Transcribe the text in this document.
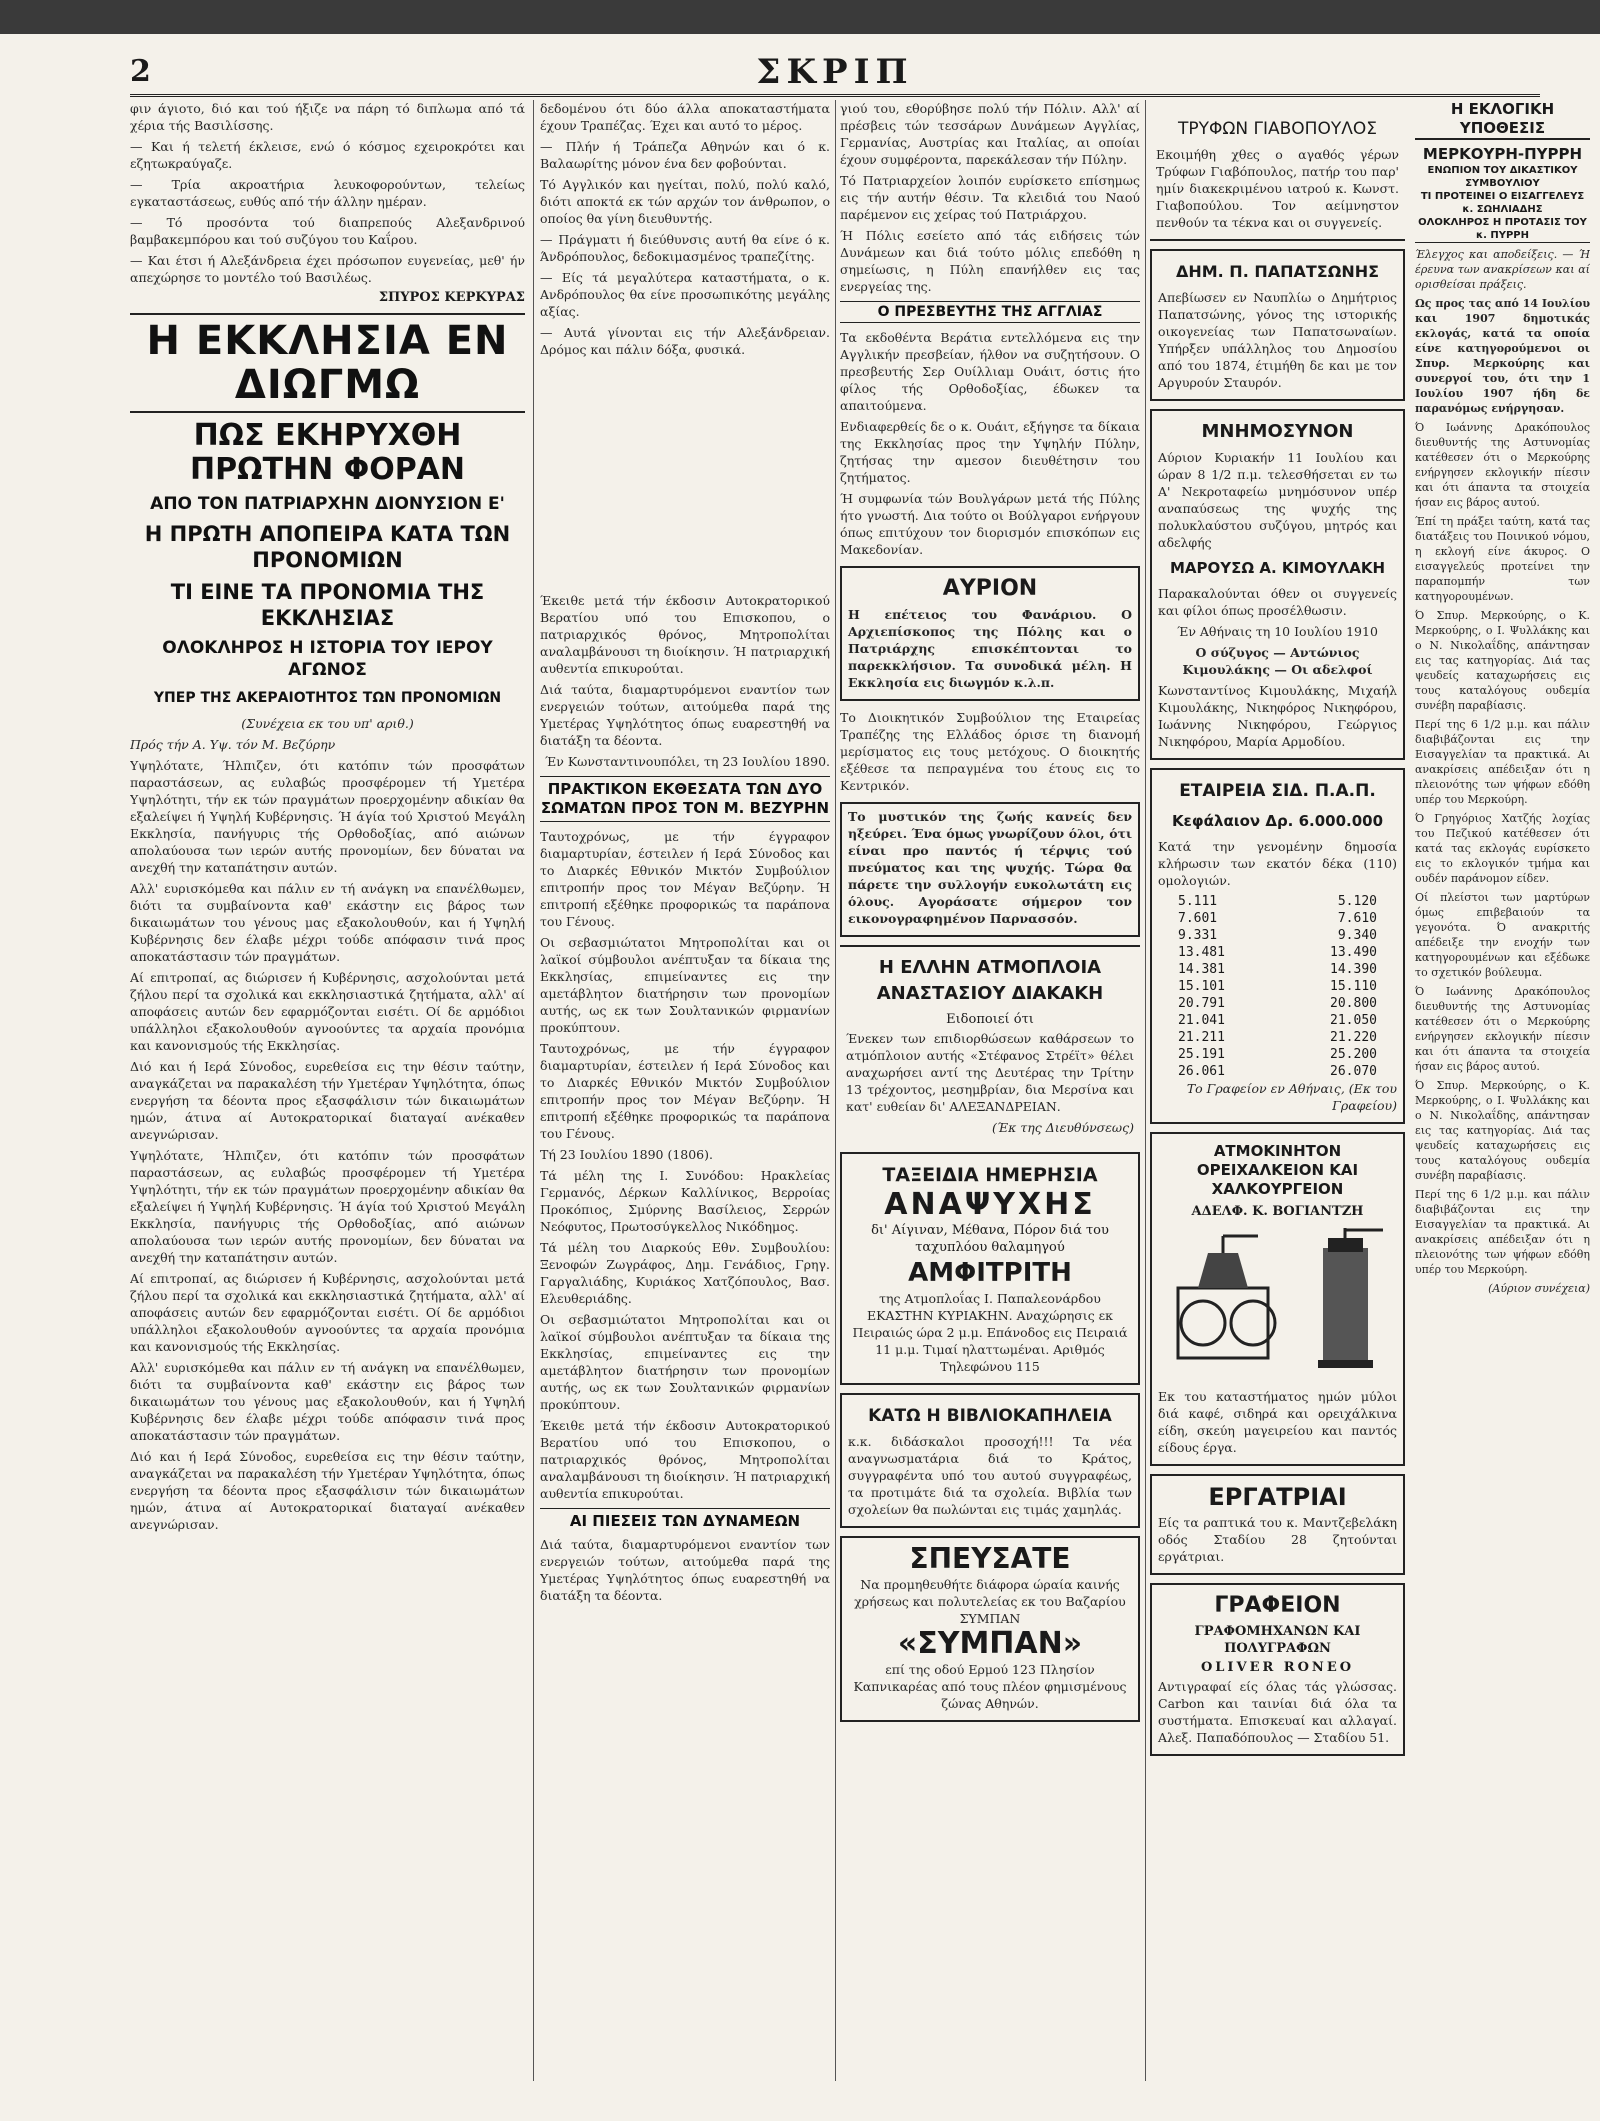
2	ΣΚΡΙΠ

φιν άγιοτο, διό και τού ήξιζε να πάρη τό διπλωμα από τά χέρια τής Βασιλίσσης.

— Και ή τελετή έκλεισε, ενώ ό κόσμος εχειροκρότει και εζητωκραύγαζε.

— Τρία ακροατήρια λευκοφορούντων, τελείως εγκαταστάσεως, ευθύς από τήν άλλην ημέραν.

— Τό προσόντα τού διαπρεπούς Αλεξανδρινού βαμβακεμπόρου και τού συζύγου του Καΐρου.

— Και έτσι ή Αλεξάνδρεια έχει πρόσωπον ευγενείας, μεθ' ήν απεχώρησε το μοντέλο τού Βασιλέως.

ΣΠΥΡΟΣ ΚΕΡΚΥΡΑΣ
Η ΕΚΚΛΗΣΙΑ ΕΝ ΔΙΩΓΜΩ
ΠΩΣ ΕΚΗΡΥΧΘΗ ΠΡΩΤΗΝ ΦΟΡΑΝ
ΑΠΟ ΤΟΝ ΠΑΤΡΙΑΡΧΗΝ ΔΙΟΝΥΣΙΟΝ Ε'
Η ΠΡΩΤΗ ΑΠΟΠΕΙΡΑ ΚΑΤΑ ΤΩΝ ΠΡΟΝΟΜΙΩΝ
ΤΙ ΕΙΝΕ ΤΑ ΠΡΟΝΟΜΙΑ ΤΗΣ ΕΚΚΛΗΣΙΑΣ
ΟΛΟΚΛΗΡΟΣ Η ΙΣΤΟΡΙΑ ΤΟΥ ΙΕΡΟΥ ΑΓΩΝΟΣ
ΥΠΕΡ ΤΗΣ ΑΚΕΡΑΙΟΤΗΤΟΣ ΤΩΝ ΠΡΟΝΟΜΙΩΝ

(Συνέχεια εκ του υπ' αριθ.)

Πρός τήν Α. Υψ. τόν Μ. Βεζύρην

Υψηλότατε, Ήλπιζεν, ότι κατόπιν τών προσφάτων παραστάσεων, ας ευλαβώς προσφέρομεν τή Υμετέρα Υψηλότητι, τήν εκ τών πραγμάτων προερχομένην αδικίαν θα εξαλείψει ή Υψηλή Κυβέρνησις. Ή άγία τού Χριστού Μεγάλη Εκκλησία, πανήγυρις τής Ορθοδοξίας, από αιώνων απολαύουσα των ιερών αυτής προνομίων, δεν δύναται να ανεχθή την καταπάτησιν αυτών.

Αλλ' ευρισκόμεθα και πάλιν εν τή ανάγκη να επανέλθωμεν, διότι τα συμβαίνοντα καθ' εκάστην εις βάρος των δικαιωμάτων του γένους μας εξακολουθούν, και ή Υψηλή Κυβέρνησις δεν έλαβε μέχρι τούδε απόφασιν τινά προς αποκατάστασιν τών πραγμάτων.

Αί επιτροπαί, ας διώρισεν ή Κυβέρνησις, ασχολούνται μετά ζήλου περί τα σχολικά και εκκλησιαστικά ζητήματα, αλλ' αί αποφάσεις αυτών δεν εφαρμόζονται εισέτι. Οί δε αρμόδιοι υπάλληλοι εξακολουθούν αγνοούντες τα αρχαία προνόμια και κανονισμούς τής Εκκλησίας.

Διό και ή Ιερά Σύνοδος, ευρεθείσα εις την θέσιν ταύτην, αναγκάζεται να παρακαλέση τήν Υμετέραν Υψηλότητα, όπως ενεργήση τα δέοντα προς εξασφάλισιν τών δικαιωμάτων ημών, άτινα αί Αυτοκρατορικαί διαταγαί ανέκαθεν ανεγνώρισαν.

Υψηλότατε, Ήλπιζεν, ότι κατόπιν τών προσφάτων παραστάσεων, ας ευλαβώς προσφέρομεν τή Υμετέρα Υψηλότητι, τήν εκ τών πραγμάτων προερχομένην αδικίαν θα εξαλείψει ή Υψηλή Κυβέρνησις. Ή άγία τού Χριστού Μεγάλη Εκκλησία, πανήγυρις τής Ορθοδοξίας, από αιώνων απολαύουσα των ιερών αυτής προνομίων, δεν δύναται να ανεχθή την καταπάτησιν αυτών.

Αί επιτροπαί, ας διώρισεν ή Κυβέρνησις, ασχολούνται μετά ζήλου περί τα σχολικά και εκκλησιαστικά ζητήματα, αλλ' αί αποφάσεις αυτών δεν εφαρμόζονται εισέτι. Οί δε αρμόδιοι υπάλληλοι εξακολουθούν αγνοούντες τα αρχαία προνόμια και κανονισμούς τής Εκκλησίας.

Αλλ' ευρισκόμεθα και πάλιν εν τή ανάγκη να επανέλθωμεν, διότι τα συμβαίνοντα καθ' εκάστην εις βάρος των δικαιωμάτων του γένους μας εξακολουθούν, και ή Υψηλή Κυβέρνησις δεν έλαβε μέχρι τούδε απόφασιν τινά προς αποκατάστασιν τών πραγμάτων.

Διό και ή Ιερά Σύνοδος, ευρεθείσα εις την θέσιν ταύτην, αναγκάζεται να παρακαλέση τήν Υμετέραν Υψηλότητα, όπως ενεργήση τα δέοντα προς εξασφάλισιν τών δικαιωμάτων ημών, άτινα αί Αυτοκρατορικαί διαταγαί ανέκαθεν ανεγνώρισαν.

δεδομένου ότι δύο άλλα αποκαταστήματα έχουν Τραπέζας. Έχει και αυτό το μέρος.

— Πλήν ή Τράπεζα Αθηνών και ό κ. Βαλαωρίτης μόνον ένα δεν φοβούνται.

Τό Αγγλικόν και ηγείται, πολύ, πολύ καλό, διότι αποκτά εκ τών αρχών τον άνθρωπον, ο οποίος θα γίνη διευθυντής.

— Πράγματι ή διεύθυνσις αυτή θα είνε ό κ. Άνδρόπουλος, δεδοκιμασμένος τραπεζίτης.

— Είς τά μεγαλύτερα καταστήματα, ο κ. Ανδρόπουλος θα είνε προσωπικότης μεγάλης αξίας.

— Αυτά γίνονται εις τήν Αλεξάνδρειαν. Δρόμος και πάλιν δόξα, φυσικά.

Έκειθε μετά τήν έκδοσιν Αυτοκρατορικού Βερατίου υπό του Επισκοπου, ο πατριαρχικός θρόνος, Μητροπολίται αναλαμβάνουσι τη διοίκησιν. Ή πατριαρχική αυθεντία επικυρούται.

Διά ταύτα, διαμαρτυρόμενοι εναντίον των ενεργειών τούτων, αιτούμεθα παρά της Υμετέρας Υψηλότητος όπως ευαρεστηθή να διατάξη τα δέοντα.

Έν Κωνσταντινουπόλει, τη 23 Ιουλίου 1890.

ΠΡΑΚΤΙΚΟΝ ΕΚΘΕΣΑΤΑ ΤΩΝ ΔΥΟ ΣΩΜΑΤΩΝ ΠΡΟΣ ΤΟΝ Μ. ΒΕΖΥΡΗΝ

Ταυτοχρόνως, με τήν έγγραφον διαμαρτυρίαν, έστειλεν ή Ιερά Σύνοδος και το Διαρκές Εθνικόν Μικτόν Συμβούλιον επιτροπήν προς τον Μέγαν Βεζύρην. Ή επιτροπή εξέθηκε προφορικώς τα παράπονα του Γένους.

Οι σεβασμιώτατοι Μητροπολίται και οι λαϊκοί σύμβουλοι ανέπτυξαν τα δίκαια της Εκκλησίας, επιμείναντες εις την αμετάβλητον διατήρησιν των προνομίων αυτής, ως εκ των Σουλτανικών φιρμανίων προκύπτουν.

Ταυτοχρόνως, με τήν έγγραφον διαμαρτυρίαν, έστειλεν ή Ιερά Σύνοδος και το Διαρκές Εθνικόν Μικτόν Συμβούλιον επιτροπήν προς τον Μέγαν Βεζύρην. Ή επιτροπή εξέθηκε προφορικώς τα παράπονα του Γένους.

Τή 23 Ιουλίου 1890 (1806).

Τά μέλη της Ι. Συνόδου: Ηρακλείας Γερμανός, Δέρκων Καλλίνικος, Βερροίας Προκόπιος, Σμύρνης Βασίλειος, Σερρών Νεόφυτος, Πρωτοσύγκελλος Νικόδημος.

Τά μέλη του Διαρκούς Εθν. Συμβουλίου: Ξενοφών Ζωγράφος, Δημ. Γενάδιος, Γρηγ. Γαργαλιάδης, Κυριάκος Χατζόπουλος, Βασ. Ελευθεριάδης.

Οι σεβασμιώτατοι Μητροπολίται και οι λαϊκοί σύμβουλοι ανέπτυξαν τα δίκαια της Εκκλησίας, επιμείναντες εις την αμετάβλητον διατήρησιν των προνομίων αυτής, ως εκ των Σουλτανικών φιρμανίων προκύπτουν.

Έκειθε μετά τήν έκδοσιν Αυτοκρατορικού Βερατίου υπό του Επισκοπου, ο πατριαρχικός θρόνος, Μητροπολίται αναλαμβάνουσι τη διοίκησιν. Ή πατριαρχική αυθεντία επικυρούται.

ΑΙ ΠΙΕΣΕΙΣ ΤΩΝ ΔΥΝΑΜΕΩΝ

Διά ταύτα, διαμαρτυρόμενοι εναντίον των ενεργειών τούτων, αιτούμεθα παρά της Υμετέρας Υψηλότητος όπως ευαρεστηθή να διατάξη τα δέοντα.

γιού του, εθορύβησε πολύ τήν Πόλιν. Αλλ' αί πρέσβεις τών τεσσάρων Δυνάμεων Αγγλίας, Γερμανίας, Αυστρίας και Ιταλίας, αι οποίαι έχουν συμφέροντα, παρεκάλεσαν τήν Πύλην.

Τό Πατριαρχείον λοιπόν ευρίσκετο επίσημως εις τήν αυτήν θέσιν. Τα κλειδιά του Ναού παρέμενον εις χείρας τού Πατριάρχου.

Ή Πόλις εσείετο από τάς ειδήσεις τών Δυνάμεων και διά τούτο μόλις επεδόθη η σημείωσις, η Πύλη επανήλθεν εις τας ενεργείας της.

Ο ΠΡΕΣΒΕΥΤΗΣ ΤΗΣ ΑΓΓΛΙΑΣ

Τα εκδοθέντα Βεράτια εντελλόμενα εις την Αγγλικήν πρεσβείαν, ήλθον να συζητήσουν. Ο πρεσβευτής Σερ Ουίλλιαμ Ουάιτ, όστις ήτο φίλος τής Ορθοδοξίας, έδωκεν τα απαιτούμενα.

Ενδιαφερθείς δε ο κ. Ουάιτ, εξήγησε τα δίκαια της Εκκλησίας προς την Υψηλήν Πύλην, ζητήσας την αμεσον διευθέτησιν του ζητήματος.

Ή συμφωνία τών Βουλγάρων μετά τής Πύλης ήτο γνωστή. Δια τούτο οι Βούλγαροι ενήργουν όπως επιτύχουν τον διορισμόν επισκόπων εις Μακεδονίαν.

ΑΥΡΙΟΝ

Η επέτειος του Φανάριου. Ο Αρχιεπίσκοπος της Πόλης και ο Πατριάρχης επισκέπτονται το παρεκκλήσιον. Τα συνοδικά μέλη. Η Εκκλησία εις διωγμόν κ.λ.π.

Το Διοικητικόν Συμβούλιον της Εταιρείας Τραπέζης της Ελλάδος όρισε τη διανομή μερίσματος εις τους μετόχους. Ο διοικητής εξέθεσε τα πεπραγμένα του έτους εις το Κεντρικόν.

Το μυστικόν της ζωής κανείς δεν ηξεύρει. Ένα όμως γνωρίζουν όλοι, ότι είναι προ παντός ή τέρψις τού πνεύματος και της ψυχής. Τώρα θα πάρετε την συλλογήν ευκολωτάτη εις όλους. Αγοράσατε σήμερον τον εικονογραφημένον Παρνασσόν.

Η ΕΛΛΗΝ ΑΤΜΟΠΛΟΙΑ ΑΝΑΣΤΑΣΙΟΥ ΔΙΑΚΑΚΗ
Ειδοποιεί ότι

Ένεκεν των επιδιορθώσεων καθάρσεων το ατμόπλοιον αυτής «Στέφανος Στρέϊτ» θέλει αναχωρήσει αντί της Δευτέρας την Τρίτην 13 τρέχοντος, μεσημβρίαν, δια Μερσίνα και κατ' ευθείαν δι' ΑΛΕΞΑΝΔΡΕΙΑΝ.

(Έκ της Διευθύνσεως)

ΤΑΞΕΙΔΙΑ ΗΜΕΡΗΣΙΑ
ΑΝΑΨΥΧΗΣ
δι' Αίγιναν, Μέθανα, Πόρον διά του ταχυπλόου θαλαμηγού
ΑΜΦΙΤΡΙΤΗ

της Ατμοπλοΐας Ι. Παπαλεονάρδου ΕΚΑΣΤΗΝ ΚΥΡΙΑΚΗΝ. Αναχώρησις εκ Πειραιώς ώρα 2 μ.μ. Επάνοδος εις Πειραιά 11 μ.μ. Τιμαί ηλαττωμέναι. Αριθμός Τηλεφώνου 115

ΚΑΤΩ Η ΒΙΒΛΙΟΚΑΠΗΛΕΙΑ

κ.κ. διδάσκαλοι προσοχή!!! Τα νέα αναγνωσματάρια διά το Κράτος, συγγραφέντα υπό του αυτού συγγραφέως, τα προτιμάτε διά τα σχολεία. Βιβλία των σχολείων θα πωλώνται εις τιμάς χαμηλάς.

ΣΠΕΥΣΑΤΕ

Να προμηθευθήτε διάφορα ώραία καινής χρήσεως και πολυτελείας εκ του Βαζαρίου ΣΥΜΠΑΝ

«ΣΥΜΠΑΝ»

επί της οδού Ερμού 123 Πλησίον Καπνικαρέας από τους πλέον φημισμένους ζώνας Αθηνών.

ΤΡΥΦΩΝ ΓΙΑΒΟΠΟΥΛΟΣ

Εκοιμήθη χθες ο αγαθός γέρων Τρύφων Γιαβόπουλος, πατήρ του παρ' ημίν διακεκριμένου ιατρού κ. Κωνστ. Γιαβοπούλου. Τον αείμνηστον πενθούν τα τέκνα και οι συγγενείς.

ΔΗΜ. Π. ΠΑΠΑΤΣΩΝΗΣ

Απεβίωσεν εν Ναυπλίω ο Δημήτριος Παπατσώνης, γόνος της ιστορικής οικογενείας των Παπατσωναίων. Υπήρξεν υπάλληλος του Δημοσίου από του 1874, έτιμήθη δε και με τον Αργυρούν Σταυρόν.

ΜΝΗΜΟΣΥΝΟΝ

Αύριον Κυριακήν 11 Ιουλίου και ώραν 8 1/2 π.μ. τελεσθήσεται εν τω Α' Νεκροταφείω μνημόσυνον υπέρ αναπαύσεως της ψυχής της πολυκλαύστου συζύγου, μητρός και αδελφής

ΜΑΡΟΥΣΩ Α. ΚΙΜΟΥΛΑΚΗ

Παρακαλούνται όθεν οι συγγενείς και φίλοι όπως προσέλθωσιν.

Έν Αθήναις τη 10 Ιουλίου 1910

Ο σύζυγος — Αντώνιος Κιμουλάκης — Οι αδελφοί

Κωνσταντίνος Κιμουλάκης, Μιχαήλ Κιμουλάκης, Νικηφόρος Νικηφόρου, Ιωάννης Νικηφόρου, Γεώργιος Νικηφόρου, Μαρία Αρμοδίου.

ΕΤΑΙΡΕΙΑ ΣΙΔ. Π.Α.Π.
Κεφάλαιον Δρ. 6.000.000

Κατά την γενομένην δημοσία κλήρωσιν των εκατόν δέκα (110) ομολογιών.

5.111	5.120
7.601	7.610
9.331	9.340
13.481	13.490
14.381	14.390
15.101	15.110
20.791	20.800
21.041	21.050
21.211	21.220
25.191	25.200
26.061	26.070

Το Γραφείον εν Αθήναις, (Εκ του Γραφείου)

ΑΤΜΟΚΙΝΗΤΟΝ ΟΡΕΙΧΑΛΚΕΙΟΝ ΚΑΙ ΧΑΛΚΟΥΡΓΕΙΟΝ
ΑΔΕΛΦ. Κ. ΒΟΓΙΑΝΤΖΗ

Εκ του καταστήματος ημών μύλοι διά καφέ, σιδηρά και ορειχάλκινα είδη, σκεύη μαγειρείου και παντός είδους έργα.

ΕΡΓΑΤΡΙΑΙ

Είς τα ραπτικά του κ. Μαντζεβελάκη οδός Σταδίου 28 ζητούνται εργάτριαι.

ΓΡΑΦΕΙΟΝ
ΓΡΑΦΟΜΗΧΑΝΩΝ ΚΑΙ ΠΟΛΥΓΡΑΦΩΝ
OLIVER RONEO

Αντιγραφαί είς όλας τάς γλώσσας. Carbon και ταινίαι διά όλα τα συστήματα. Επισκευαί και αλλαγαί. Αλεξ. Παπαδόπουλος — Σταδίου 51.

Η ΕΚΛΟΓΙΚΗ ΥΠΟΘΕΣΙΣ
ΜΕΡΚΟΥΡΗ-ΠΥΡΡΗ
ΕΝΩΠΙΟΝ ΤΟΥ ΔΙΚΑΣΤΙΚΟΥ ΣΥΜΒΟΥΛΙΟΥ
ΤΙ ΠΡΟΤΕΙΝΕΙ Ο ΕΙΣΑΓΓΕΛΕΥΣ κ. ΣΩΗΛΙΑΔΗΣ
ΟΛΟΚΛΗΡΟΣ Η ΠΡΟΤΑΣΙΣ ΤΟΥ κ. ΠΥΡΡΗ

Έλεγχος και αποδείξεις. — Ή έρευνα των ανακρίσεων και αί ορισθείσαι πράξεις.

Ως προς τας από 14 Ιουλίου και 1907 δημοτικάς εκλογάς, κατά τα οποία είνε κατηγορούμενοι οι Σπυρ. Μερκούρης και συνεργοί του, ότι την 1 Ιουλίου 1907 ήδη δε παρανόμως ενήργησαν.

Ό Ιωάννης Δρακόπουλος διευθυντής της Αστυνομίας κατέθεσεν ότι ο Μερκούρης ενήργησεν εκλογικήν πίεσιν και ότι άπαντα τα στοιχεία ήσαν εις βάρος αυτού.

Έπί τη πράξει ταύτη, κατά τας διατάξεις του Ποινικού νόμου, η εκλογή είνε άκυρος. Ο εισαγγελεύς προτείνει την παραπομπήν των κατηγορουμένων.

Ό Σπυρ. Μερκούρης, ο Κ. Μερκούρης, ο Ι. Ψυλλάκης και ο Ν. Νικολαΐδης, απάντησαν εις τας κατηγορίας. Διά τας ψευδείς καταχωρήσεις εις τους καταλόγους ουδεμία συνέβη παραβίασις.

Περί της 6 1/2 μ.μ. και πάλιν διαβιβάζονται εις την Εισαγγελίαν τα πρακτικά. Αι ανακρίσεις απέδειξαν ότι η πλειονότης των ψήφων εδόθη υπέρ του Μερκούρη.

Ό Γρηγόριος Χατζής λοχίας του Πεζικού κατέθεσεν ότι κατά τας εκλογάς ευρίσκετο εις το εκλογικόν τμήμα και ουδέν παράνομον είδεν.

Οί πλείστοι των μαρτύρων όμως επιβεβαιούν τα γεγονότα. Ό ανακριτής απέδειξε την ενοχήν των κατηγορουμένων και εξέδωκε το σχετικόν βούλευμα.

Ό Ιωάννης Δρακόπουλος διευθυντής της Αστυνομίας κατέθεσεν ότι ο Μερκούρης ενήργησεν εκλογικήν πίεσιν και ότι άπαντα τα στοιχεία ήσαν εις βάρος αυτού.

Ό Σπυρ. Μερκούρης, ο Κ. Μερκούρης, ο Ι. Ψυλλάκης και ο Ν. Νικολαΐδης, απάντησαν εις τας κατηγορίας. Διά τας ψευδείς καταχωρήσεις εις τους καταλόγους ουδεμία συνέβη παραβίασις.

Περί της 6 1/2 μ.μ. και πάλιν διαβιβάζονται εις την Εισαγγελίαν τα πρακτικά. Αι ανακρίσεις απέδειξαν ότι η πλειονότης των ψήφων εδόθη υπέρ του Μερκούρη.

(Αύριον συνέχεια)
